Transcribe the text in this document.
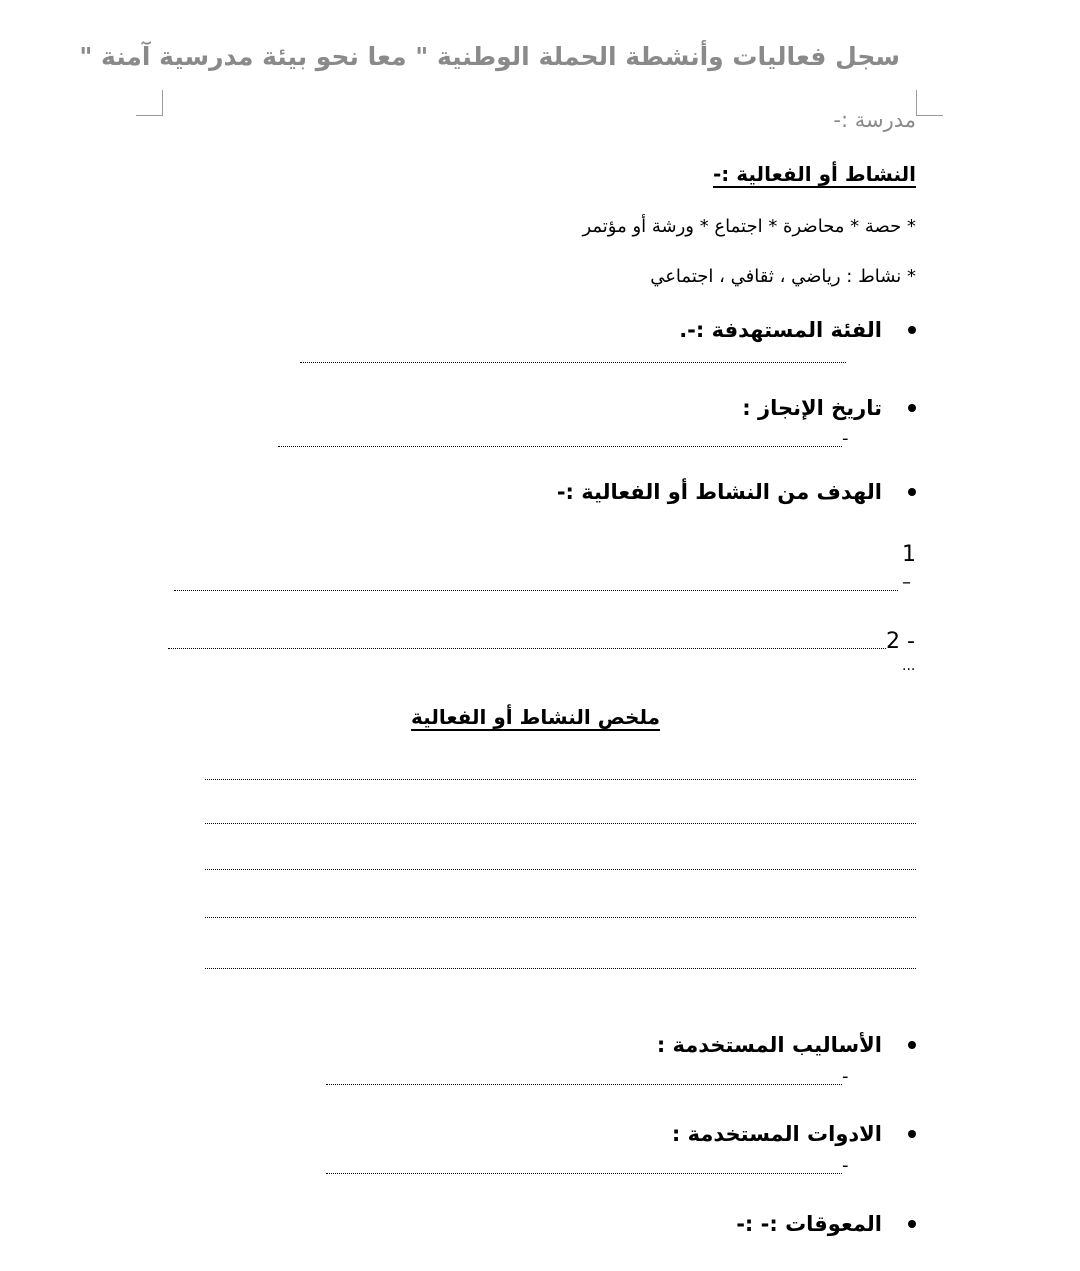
سجل فعاليات وأنشطة الحملة الوطنية " معا نحو بيئة مدرسية آمنة "
مدرسة :-
النشاط أو الفعالية :-
* حصة * محاضرة * اجتماع * ورشة أو مؤتمر
* نشاط : رياضي ، ثقافي ، اجتماعي
الفئة المستهدفة :-.
تاريخ الإنجاز :
-
الهدف من النشاط أو الفعالية :-
1
–
2 -
...
ملخص النشاط أو الفعالية
الأساليب المستخدمة :
-
الادوات المستخدمة :
-
المعوقات :- :-
